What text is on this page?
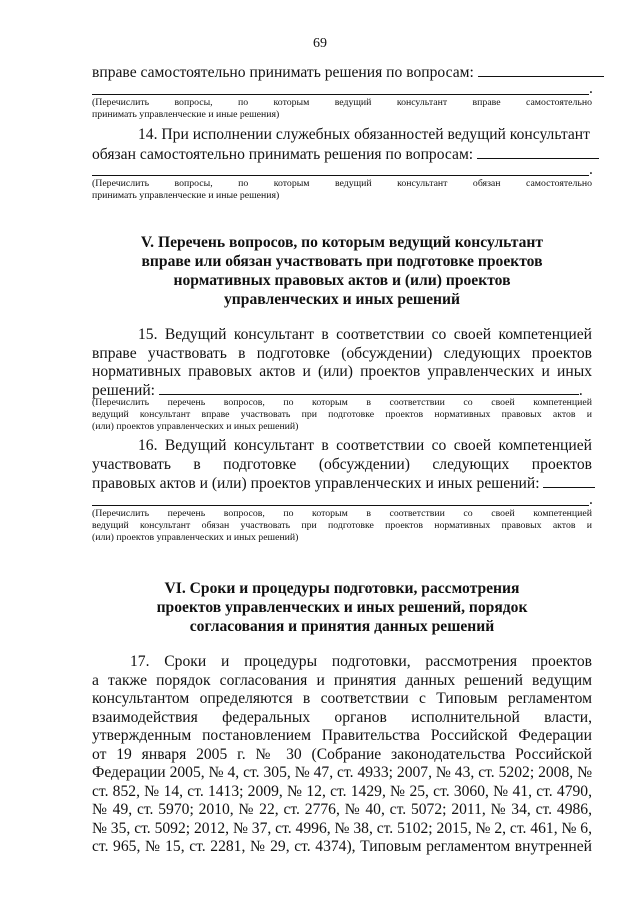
69
вправе самостоятельно принимать решения по вопросам:
.
(Перечислить вопросы, по которым ведущий консультант вправе самостоятельно
принимать управленческие и иные решения)
14. При исполнении служебных обязанностей ведущий консультант
обязан самостоятельно принимать решения по вопросам:
.
(Перечислить вопросы, по которым ведущий консультант обязан самостоятельно
принимать управленческие и иные решения)
V. Перечень вопросов, по которым ведущий консультант
вправе или обязан участвовать при подготовке проектов
нормативных правовых актов и (или) проектов
управленческих и иных решений
15. Ведущий консультант в соответствии со своей компетенцией
вправе участвовать в подготовке (обсуждении) следующих проектов
нормативных правовых актов и (или) проектов управленческих и иных
решений:	.
(Перечислить перечень вопросов, по которым в соответствии со своей компетенцией
ведущий консультант вправе участвовать при подготовке проектов нормативных правовых актов и
(или) проектов управленческих и иных решений)
16. Ведущий консультант в соответствии со своей компетенцией
участвовать в подготовке (обсуждении) следующих проектов
правовых актов и (или) проектов управленческих и иных решений:
.
(Перечислить перечень вопросов, по которым в соответствии со своей компетенцией
ведущий консультант обязан участвовать при подготовке проектов нормативных правовых актов и
(или) проектов управленческих и иных решений)
VI. Сроки и процедуры подготовки, рассмотрения
проектов управленческих и иных решений, порядок
согласования и принятия данных решений
17. Сроки и процедуры подготовки, рассмотрения проектов
а также порядок согласования и принятия данных решений ведущим
консультантом определяются в соответствии с Типовым регламентом
взаимодействия федеральных органов исполнительной власти,
утвержденным постановлением Правительства Российской Федерации
от 19 января 2005 г. № 30 (Собрание законодательства Российской
Федерации 2005, № 4, ст. 305, № 47, ст. 4933; 2007, № 43, ст. 5202; 2008, №
ст. 852, № 14, ст. 1413; 2009, № 12, ст. 1429, № 25, ст. 3060, № 41, ст. 4790,
№ 49, ст. 5970; 2010, № 22, ст. 2776, № 40, ст. 5072; 2011, № 34, ст. 4986,
№ 35, ст. 5092; 2012, № 37, ст. 4996, № 38, ст. 5102; 2015, № 2, ст. 461, № 6,
ст. 965, № 15, ст. 2281, № 29, ст. 4374), Типовым регламентом внутренней
